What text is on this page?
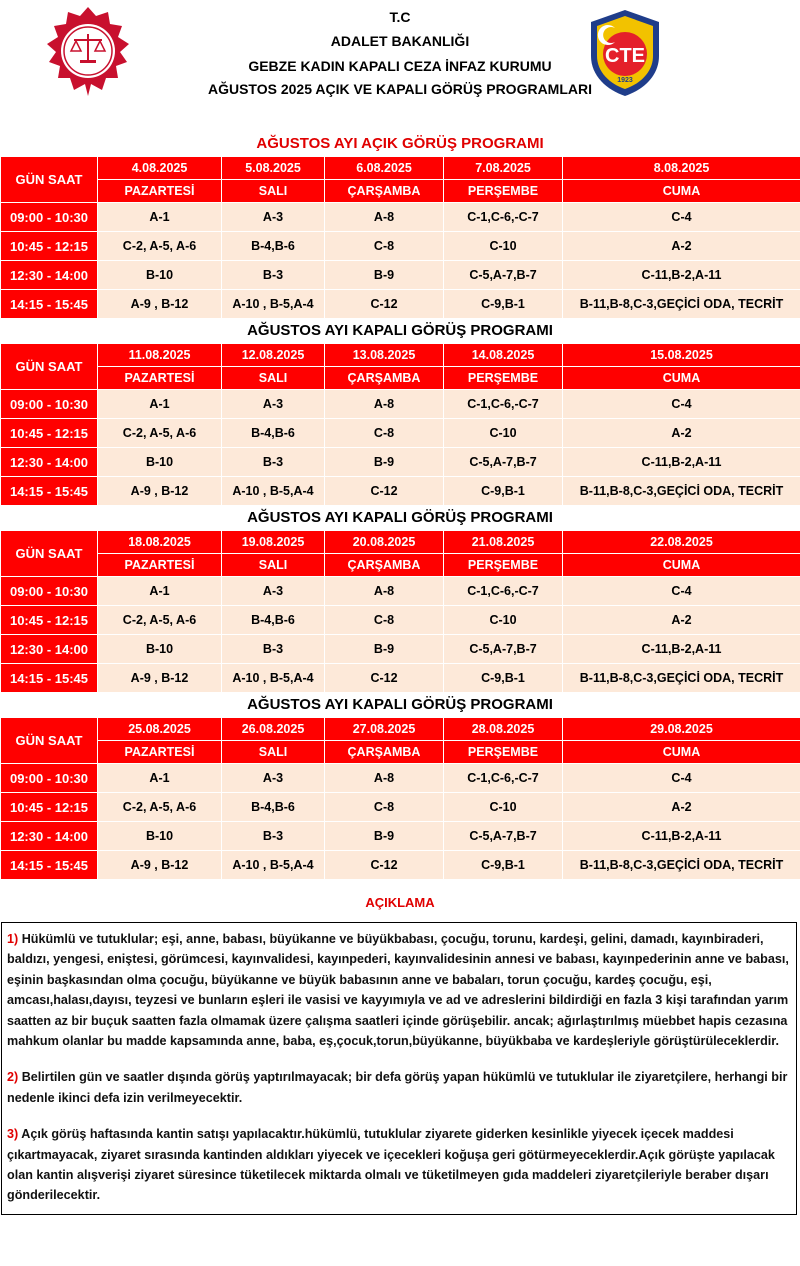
T.C
ADALET BAKANLIĞI
GEBZE KADIN KAPALI CEZA İNFAZ KURUMU
AĞUSTOS 2025 AÇIK VE KAPALI GÖRÜŞ PROGRAMLARI
CTE
1923
AĞUSTOS AYI AÇIK GÖRÜŞ PROGRAMI
GÜN SAAT	4.08.2025	5.08.2025	6.08.2025	7.08.2025	8.08.2025
	PAZARTESİ	SALI	ÇARŞAMBA	PERŞEMBE	CUMA
09:00 - 10:30	A-1	A-3	A-8	C-1,C-6,-C-7	C-4
10:45 - 12:15	C-2, A-5, A-6	B-4,B-6	C-8	C-10	A-2
12:30 - 14:00	B-10	B-3	B-9	C-5,A-7,B-7	C-11,B-2,A-11
14:15 - 15:45	A-9 , B-12	A-10 , B-5,A-4	C-12	C-9,B-1	B-11,B-8,C-3,GEÇİCİ ODA, TECRİT
AĞUSTOS AYI KAPALI GÖRÜŞ PROGRAMI
GÜN SAAT	11.08.2025	12.08.2025	13.08.2025	14.08.2025	15.08.2025
	PAZARTESİ	SALI	ÇARŞAMBA	PERŞEMBE	CUMA
09:00 - 10:30	A-1	A-3	A-8	C-1,C-6,-C-7	C-4
10:45 - 12:15	C-2, A-5, A-6	B-4,B-6	C-8	C-10	A-2
12:30 - 14:00	B-10	B-3	B-9	C-5,A-7,B-7	C-11,B-2,A-11
14:15 - 15:45	A-9 , B-12	A-10 , B-5,A-4	C-12	C-9,B-1	B-11,B-8,C-3,GEÇİCİ ODA, TECRİT
AĞUSTOS AYI KAPALI GÖRÜŞ PROGRAMI
GÜN SAAT	18.08.2025	19.08.2025	20.08.2025	21.08.2025	22.08.2025
	PAZARTESİ	SALI	ÇARŞAMBA	PERŞEMBE	CUMA
09:00 - 10:30	A-1	A-3	A-8	C-1,C-6,-C-7	C-4
10:45 - 12:15	C-2, A-5, A-6	B-4,B-6	C-8	C-10	A-2
12:30 - 14:00	B-10	B-3	B-9	C-5,A-7,B-7	C-11,B-2,A-11
14:15 - 15:45	A-9 , B-12	A-10 , B-5,A-4	C-12	C-9,B-1	B-11,B-8,C-3,GEÇİCİ ODA, TECRİT
AĞUSTOS AYI KAPALI GÖRÜŞ PROGRAMI
GÜN SAAT	25.08.2025	26.08.2025	27.08.2025	28.08.2025	29.08.2025
	PAZARTESİ	SALI	ÇARŞAMBA	PERŞEMBE	CUMA
09:00 - 10:30	A-1	A-3	A-8	C-1,C-6,-C-7	C-4
10:45 - 12:15	C-2, A-5, A-6	B-4,B-6	C-8	C-10	A-2
12:30 - 14:00	B-10	B-3	B-9	C-5,A-7,B-7	C-11,B-2,A-11
14:15 - 15:45	A-9 , B-12	A-10 , B-5,A-4	C-12	C-9,B-1	B-11,B-8,C-3,GEÇİCİ ODA, TECRİT
AÇIKLAMA
1) Hükümlü ve tutuklular; eşi, anne, babası, büyükanne ve büyükbabası, çocuğu, torunu, kardeşi, gelini, damadı, kayınbiraderi, baldızı, yengesi, eniştesi, görümcesi, kayınvalidesi, kayınpederi, kayınvalidesinin annesi ve babası, kayınpederinin anne ve babası, eşinin başkasından olma çocuğu, büyükanne ve büyük babasının anne ve babaları, torun çocuğu, kardeş çocuğu, eşi, amcası,halası,dayısı, teyzesi ve bunların eşleri ile vasisi ve kayyımıyla ve ad ve adreslerini bildirdiği en fazla 3 kişi tarafından yarım saatten az bir buçuk saatten fazla olmamak üzere çalışma saatleri içinde görüşebilir. ancak; ağırlaştırılmış müebbet hapis cezasına mahkum olanlar bu madde kapsamında anne, baba, eş,çocuk,torun,büyükanne, büyükbaba ve kardeşleriyle görüştürüleceklerdir.
2) Belirtilen gün ve saatler dışında görüş yaptırılmayacak; bir defa görüş yapan hükümlü ve tutuklular ile ziyaretçilere, herhangi bir nedenle ikinci defa izin verilmeyecektir.
3) Açık görüş haftasında kantin satışı yapılacaktır.hükümlü, tutuklular ziyarete giderken kesinlikle yiyecek içecek maddesi çıkartmayacak, ziyaret sırasında kantinden aldıkları yiyecek ve içecekleri koğuşa geri götürmeyeceklerdir.Açık görüşte yapılacak olan kantin alışverişi ziyaret süresince tüketilecek miktarda olmalı ve tüketilmeyen gıda maddeleri ziyaretçileriyle beraber dışarı gönderilecektir.
